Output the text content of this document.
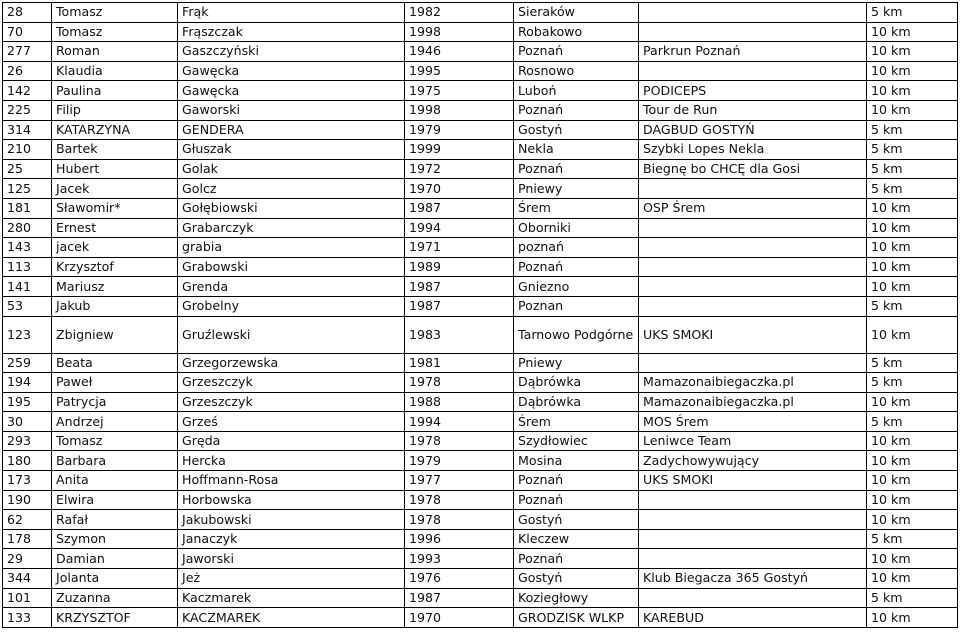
28	Tomasz	Frąk	1982	Sieraków		5 km
70	Tomasz	Frąszczak	1998	Robakowo		10 km
277	Roman	Gaszczyński	1946	Poznań	Parkrun Poznań	10 km
26	Klaudia	Gawęcka	1995	Rosnowo		10 km
142	Paulina	Gawęcka	1975	Luboń	PODICEPS	10 km
225	Filip	Gaworski	1998	Poznań	Tour de Run	10 km
314	KATARZYNA	GENDERA	1979	Gostyń	DAGBUD GOSTYŃ	5 km
210	Bartek	Głuszak	1999	Nekla	Szybki Lopes Nekla	5 km
25	Hubert	Golak	1972	Poznań	Biegnę bo CHCĘ dla Gosi	5 km
125	Jacek	Golcz	1970	Pniewy		5 km
181	Sławomir*	Gołębiowski	1987	Śrem	OSP Śrem	10 km
280	Ernest	Grabarczyk	1994	Oborniki		10 km
143	jacek	grabia	1971	poznań		10 km
113	Krzysztof	Grabowski	1989	Poznań		10 km
141	Mariusz	Grenda	1987	Gniezno		10 km
53	Jakub	Grobelny	1987	Poznan		5 km
123	Zbigniew	Gruźlewski	1983	Tarnowo Podgórne	UKS SMOKI	10 km
259	Beata	Grzegorzewska	1981	Pniewy		5 km
194	Paweł	Grzeszczyk	1978	Dąbrówka	Mamazonaibiegaczka.pl	5 km
195	Patrycja	Grzeszczyk	1988	Dąbrówka	Mamazonaibiegaczka.pl	10 km
30	Andrzej	Grześ	1994	Śrem	MOS Śrem	5 km
293	Tomasz	Gręda	1978	Szydłowiec	Leniwce Team	10 km
180	Barbara	Hercka	1979	Mosina	Zadychowywujący	10 km
173	Anita	Hoffmann-Rosa	1977	Poznań	UKS SMOKI	10 km
190	Elwira	Horbowska	1978	Poznań		10 km
62	Rafał	Jakubowski	1978	Gostyń		10 km
178	Szymon	Janaczyk	1996	Kleczew		5 km
29	Damian	Jaworski	1993	Poznań		10 km
344	Jolanta	Jeż	1976	Gostyń	Klub Biegacza 365 Gostyń	10 km
101	Zuzanna	Kaczmarek	1987	Koziegłowy		5 km
133	KRZYSZTOF	KACZMAREK	1970	GRODZISK WLKP	KAREBUD	10 km
